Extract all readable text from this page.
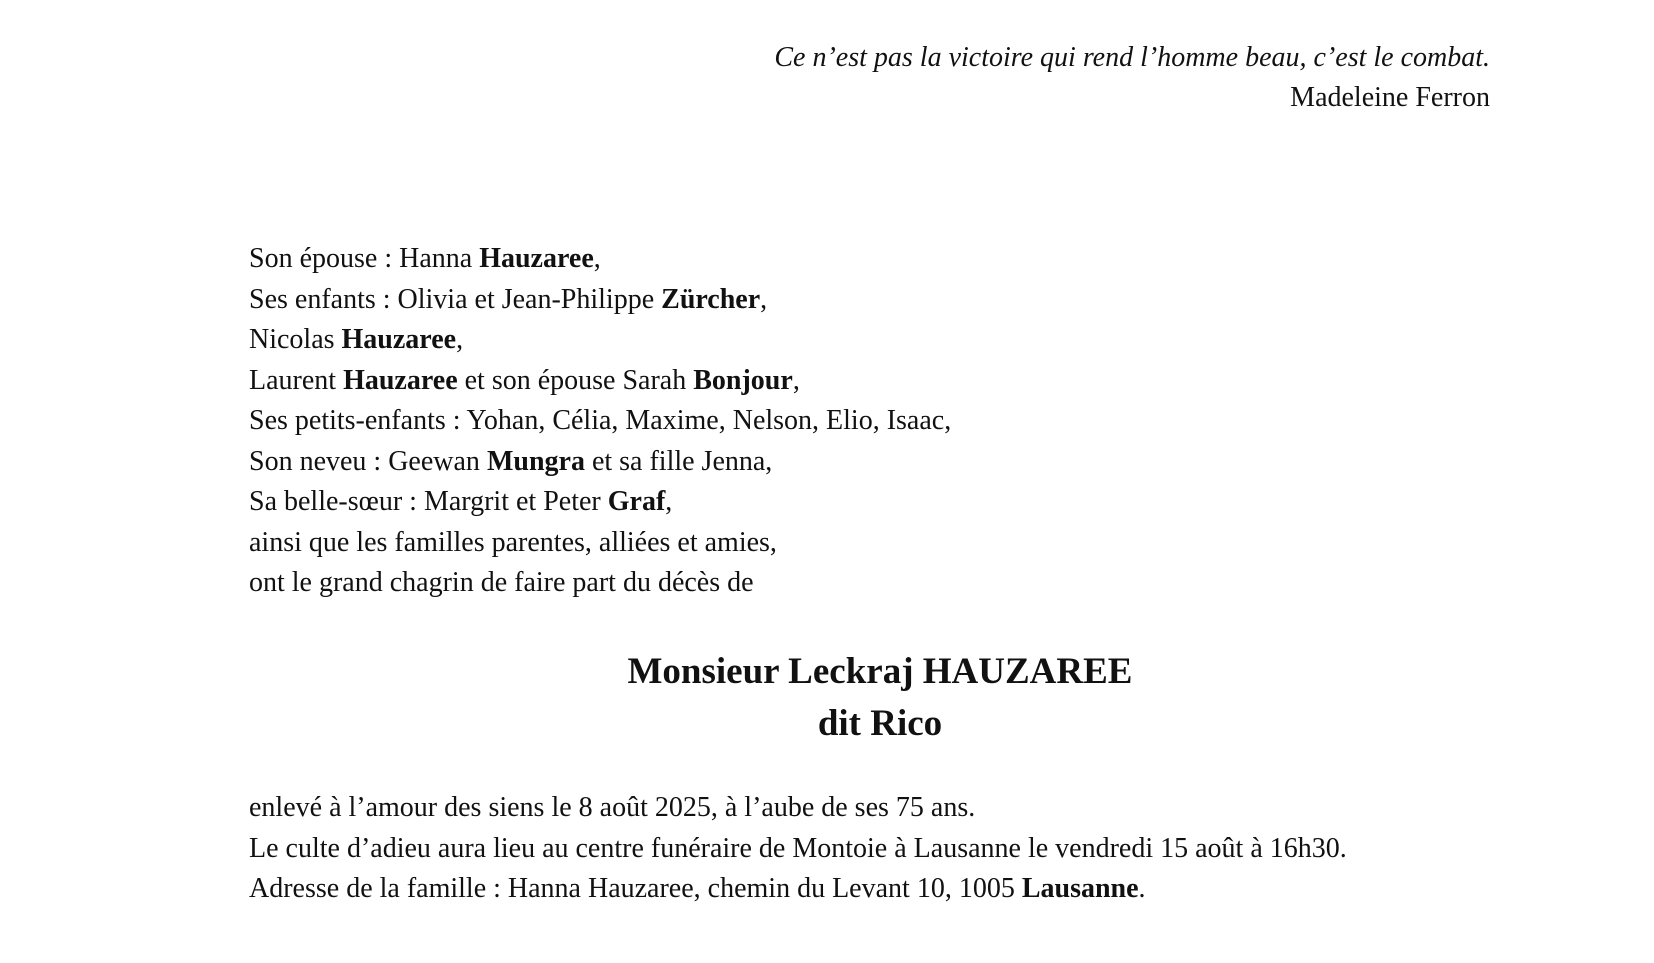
Ce n’est pas la victoire qui rend l’homme beau, c’est le combat.
Madeleine Ferron
Son épouse : Hanna Hauzaree,
Ses enfants : Olivia et Jean-Philippe Zürcher,
Nicolas Hauzaree,
Laurent Hauzaree et son épouse Sarah Bonjour,
Ses petits-enfants : Yohan, Célia, Maxime, Nelson, Elio, Isaac,
Son neveu : Geewan Mungra et sa fille Jenna,
Sa belle-sœur : Margrit et Peter Graf,
ainsi que les familles parentes, alliées et amies,
ont le grand chagrin de faire part du décès de
Monsieur Leckraj HAUZAREE
dit Rico
enlevé à l’amour des siens le 8 août 2025, à l’aube de ses 75 ans.
Le culte d’adieu aura lieu au centre funéraire de Montoie à Lausanne le vendredi 15 août à 16h30.
Adresse de la famille : Hanna Hauzaree, chemin du Levant 10, 1005 Lausanne.
